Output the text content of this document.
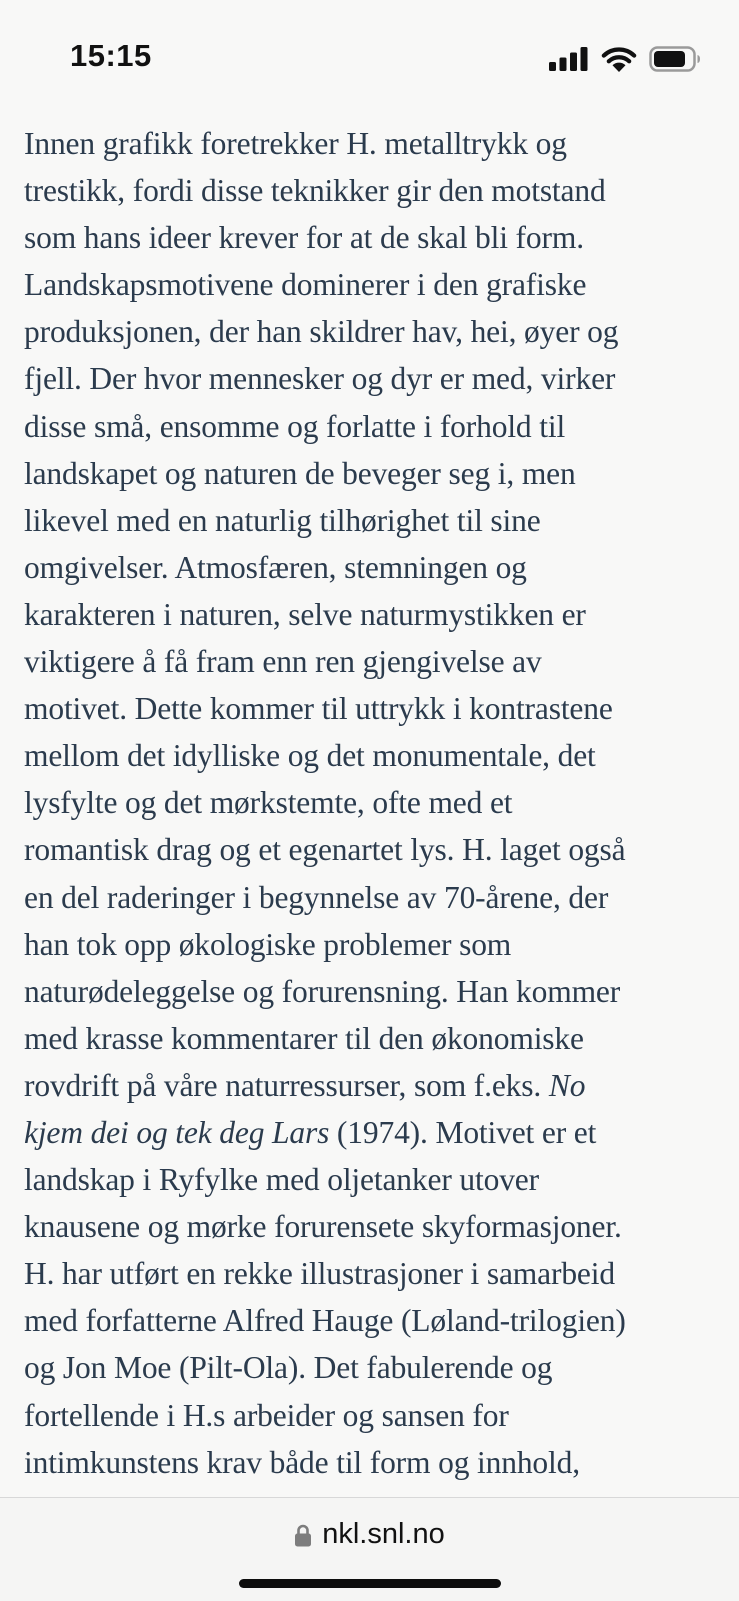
15:15
Innen grafikk foretrekker H. metalltrykk og
trestikk, fordi disse teknikker gir den motstand
som hans ideer krever for at de skal bli form.
Landskapsmotivene dominerer i den grafiske
produksjonen, der han skildrer hav, hei, øyer og
fjell. Der hvor mennesker og dyr er med, virker
disse små, ensomme og forlatte i forhold til
landskapet og naturen de beveger seg i, men
likevel med en naturlig tilhørighet til sine
omgivelser. Atmosfæren, stemningen og
karakteren i naturen, selve naturmystikken er
viktigere å få fram enn ren gjengivelse av
motivet. Dette kommer til uttrykk i kontrastene
mellom det idylliske og det monumentale, det
lysfylte og det mørkstemte, ofte med et
romantisk drag og et egenartet lys. H. laget også
en del raderinger i begynnelse av 70-årene, der
han tok opp økologiske problemer som
naturødeleggelse og forurensning. Han kommer
med krasse kommentarer til den økonomiske
rovdrift på våre naturressurser, som f.eks. No
kjem dei og tek deg Lars (1974). Motivet er et
landskap i Ryfylke med oljetanker utover
knausene og mørke forurensete skyformasjoner.
H. har utført en rekke illustrasjoner i samarbeid
med forfatterne Alfred Hauge (Løland-trilogien)
og Jon Moe (Pilt-Ola). Det fabulerende og
fortellende i H.s arbeider og sansen for
intimkunstens krav både til form og innhold,
nkl.snl.no
